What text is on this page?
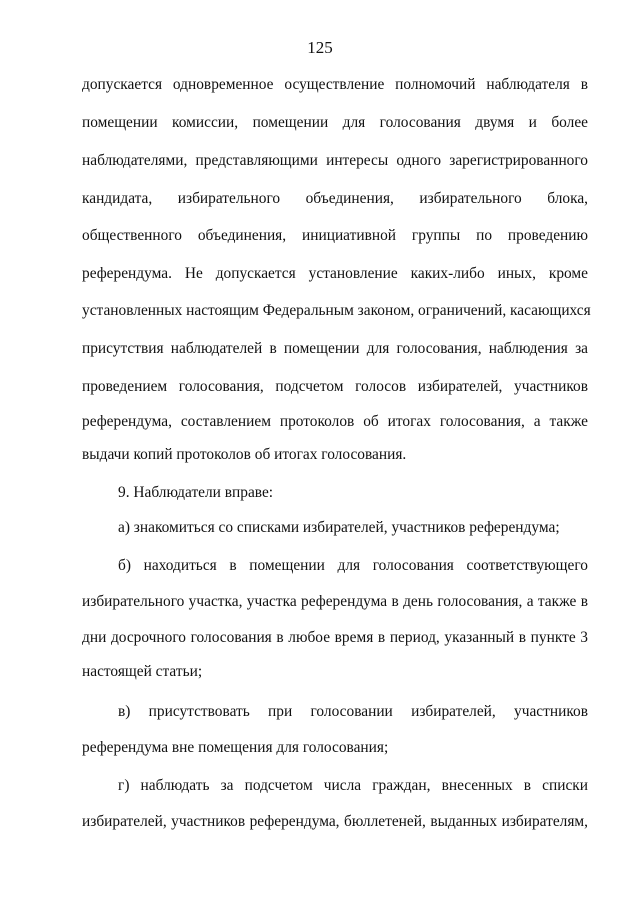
125
допускается одновременное осуществление полномочий наблюдателя в
помещении комиссии, помещении для голосования двумя и более
наблюдателями, представляющими интересы одного зарегистрированного
кандидата, избирательного объединения, избирательного блока,
общественного объединения, инициативной группы по проведению
референдума. Не допускается установление каких-либо иных, кроме
установленных настоящим Федеральным законом, ограничений, касающихся
присутствия наблюдателей в помещении для голосования, наблюдения за
проведением голосования, подсчетом голосов избирателей, участников
референдума, составлением протоколов об итогах голосования, а также
выдачи копий протоколов об итогах голосования.
9. Наблюдатели вправе:
а) знакомиться со списками избирателей, участников референдума;
б) находиться в помещении для голосования соответствующего
избирательного участка, участка референдума в день голосования, а также в
дни досрочного голосования в любое время в период, указанный в пункте 3
настоящей статьи;
в) присутствовать при голосовании избирателей, участников
референдума вне помещения для голосования;
г) наблюдать за подсчетом числа граждан, внесенных в списки
избирателей, участников референдума, бюллетеней, выданных избирателям,
